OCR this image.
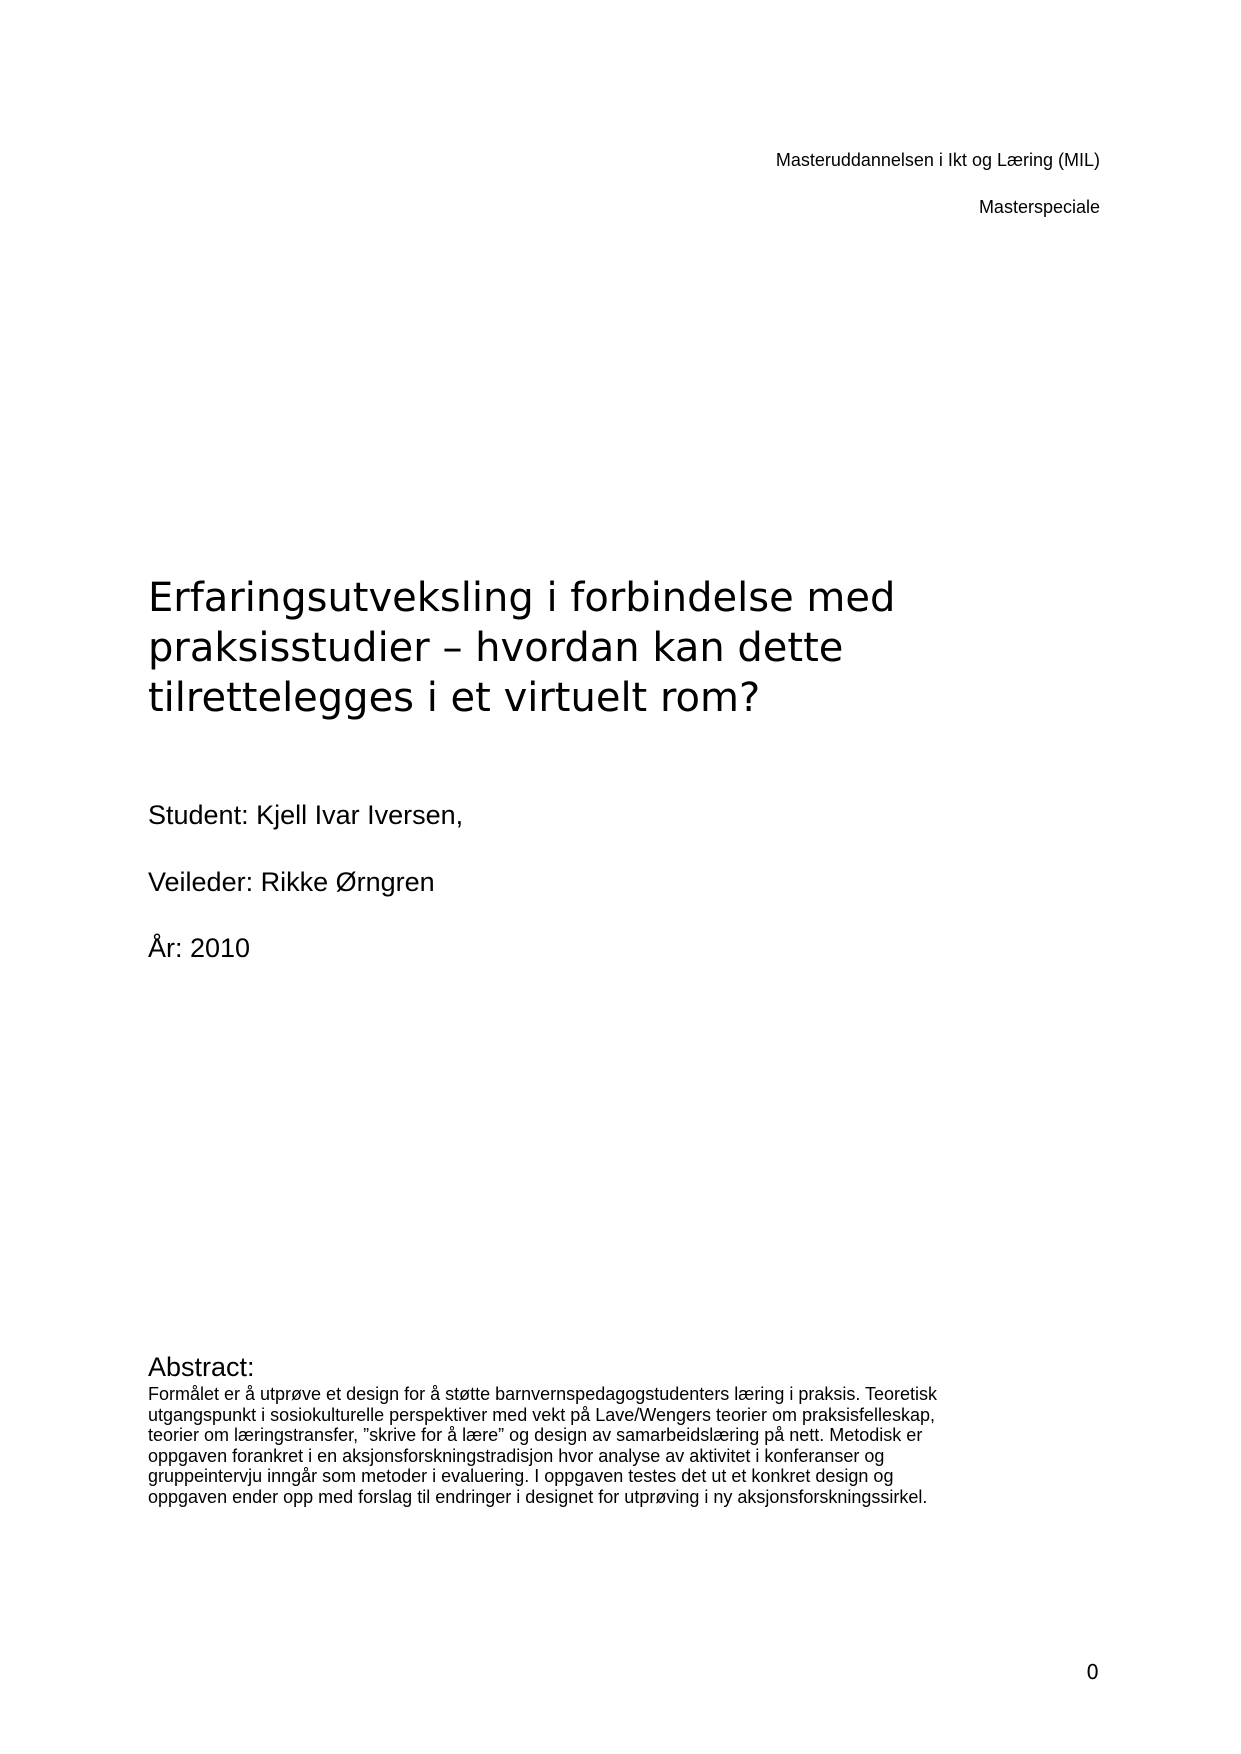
Masteruddannelsen i Ikt og Læring (MIL)
Masterspeciale
Erfaringsutveksling i forbindelse med
praksisstudier – hvordan kan dette
tilrettelegges i et virtuelt rom?
Student: Kjell Ivar Iversen,
Veileder: Rikke Ørngren
År: 2010
Abstract:
Formålet er å utprøve et design for å støtte barnvernspedagogstudenters læring i praksis. Teoretisk
utgangspunkt i sosiokulturelle perspektiver med vekt på Lave/Wengers teorier om praksisfelleskap,
teorier om læringstransfer, ”skrive for å lære” og design av samarbeidslæring på nett. Metodisk er
oppgaven forankret i en aksjonsforskningstradisjon hvor analyse av aktivitet i konferanser og
gruppeintervju inngår som metoder i evaluering. I oppgaven testes det ut et konkret design og
oppgaven ender opp med forslag til endringer i designet for utprøving i ny aksjonsforskningssirkel.
0
